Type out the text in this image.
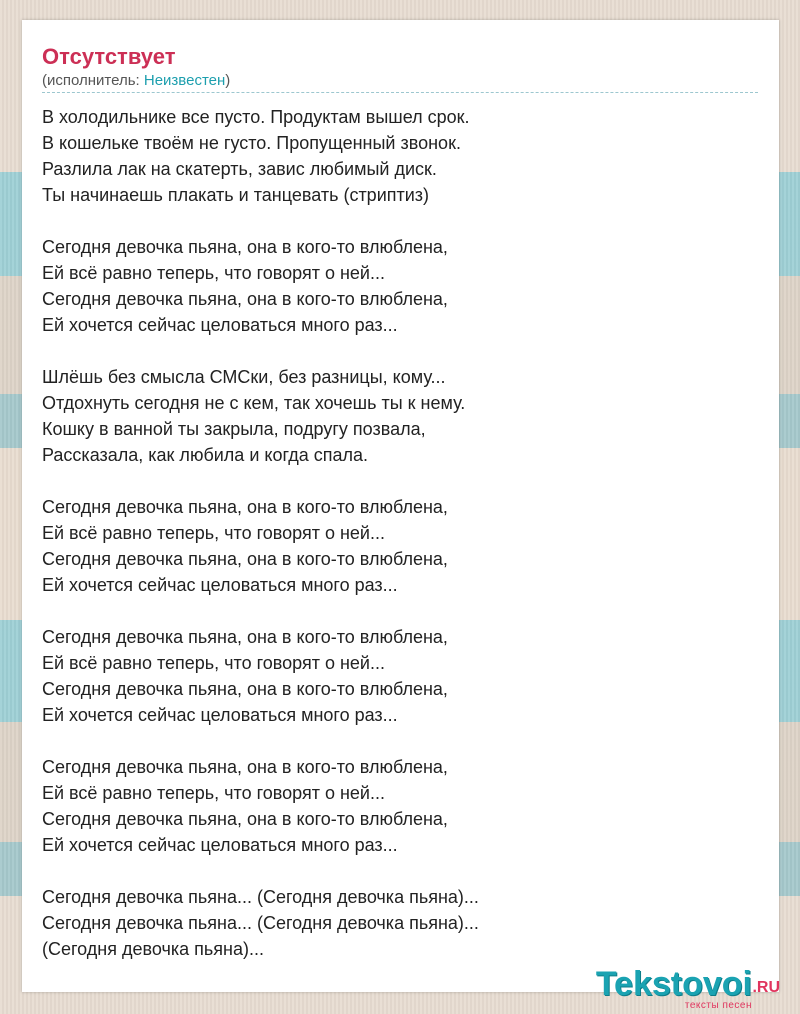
Отсутствует
(исполнитель: Неизвестен)
В холодильнике все пусто. Продуктам вышел срок.
В кошельке твоём не густо. Пропущенный звонок.
Разлила лак на скатерть, завис любимый диск.
Ты начинаешь плакать и танцевать (стриптиз)
Сегодня девочка пьяна, она в кого-то влюблена,
Ей всё равно теперь, что говорят о ней...
Сегодня девочка пьяна, она в кого-то влюблена,
Ей хочется сейчас целоваться много раз...
Шлёшь без смысла СМСки, без разницы, кому...
Отдохнуть сегодня не с кем, так хочешь ты к нему.
Кошку в ванной ты закрыла, подругу позвала,
Рассказала, как любила и когда спала.
Сегодня девочка пьяна, она в кого-то влюблена,
Ей всё равно теперь, что говорят о ней...
Сегодня девочка пьяна, она в кого-то влюблена,
Ей хочется сейчас целоваться много раз...
Сегодня девочка пьяна, она в кого-то влюблена,
Ей всё равно теперь, что говорят о ней...
Сегодня девочка пьяна, она в кого-то влюблена,
Ей хочется сейчас целоваться много раз...
Сегодня девочка пьяна, она в кого-то влюблена,
Ей всё равно теперь, что говорят о ней...
Сегодня девочка пьяна, она в кого-то влюблена,
Ей хочется сейчас целоваться много раз...
Сегодня девочка пьяна... (Сегодня девочка пьяна)...
Сегодня девочка пьяна... (Сегодня девочка пьяна)...
(Сегодня девочка пьяна)...
Tekstovoi .RU
тексты песен
